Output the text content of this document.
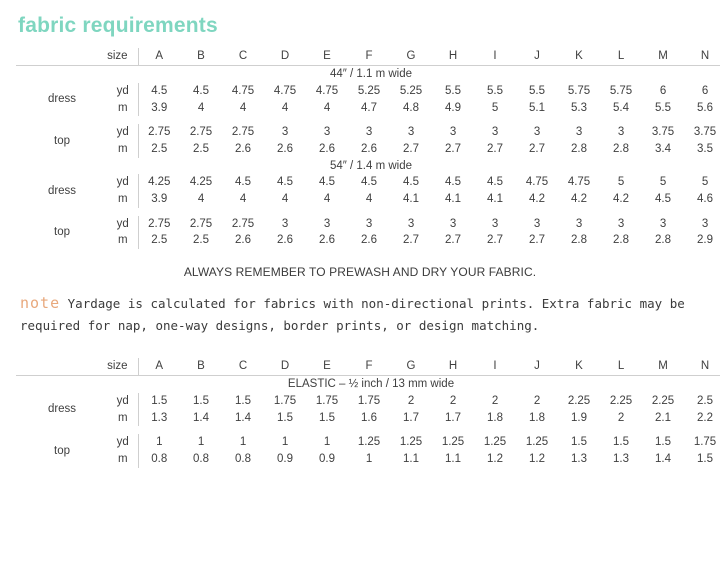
fabric requirements
size		A	B	C	D	E	F	G	H	I	J	K	L	M	N

44″ / 1.1 m wide															
dress	yd	4.5	4.5	4.75	4.75	4.75	5.25	5.25	5.5	5.5	5.5	5.75	5.75	6	6
	m	3.9	4	4	4	4	4.7	4.8	4.9	5	5.1	5.3	5.4	5.5	5.6

top	yd	2.75	2.75	2.75	3	3	3	3	3	3	3	3	3	3.75	3.75
	m	2.5	2.5	2.6	2.6	2.6	2.6	2.7	2.7	2.7	2.7	2.8	2.8	3.4	3.5
54″ / 1.4 m wide															
dress	yd	4.25	4.25	4.5	4.5	4.5	4.5	4.5	4.5	4.5	4.75	4.75	5	5	5
	m	3.9	4	4	4	4	4	4.1	4.1	4.1	4.2	4.2	4.2	4.5	4.6

top	yd	2.75	2.75	2.75	3	3	3	3	3	3	3	3	3	3	3
	m	2.5	2.5	2.6	2.6	2.6	2.6	2.7	2.7	2.7	2.7	2.8	2.8	2.8	2.9
ALWAYS REMEMBER TO PREWASH AND DRY YOUR FABRIC.
note Yardage is calculated for fabrics with non-directional prints. Extra fabric may be required for nap, one-way designs, border prints, or design matching.
size		A	B	C	D	E	F	G	H	I	J	K	L	M	N

ELASTIC – ½ inch / 13 mm wide															
dress	yd	1.5	1.5	1.5	1.75	1.75	1.75	2	2	2	2	2.25	2.25	2.25	2.5
	m	1.3	1.4	1.4	1.5	1.5	1.6	1.7	1.7	1.8	1.8	1.9	2	2.1	2.2

top	yd	1	1	1	1	1	1.25	1.25	1.25	1.25	1.25	1.5	1.5	1.5	1.75
	m	0.8	0.8	0.8	0.9	0.9	1	1.1	1.1	1.2	1.2	1.3	1.3	1.4	1.5
